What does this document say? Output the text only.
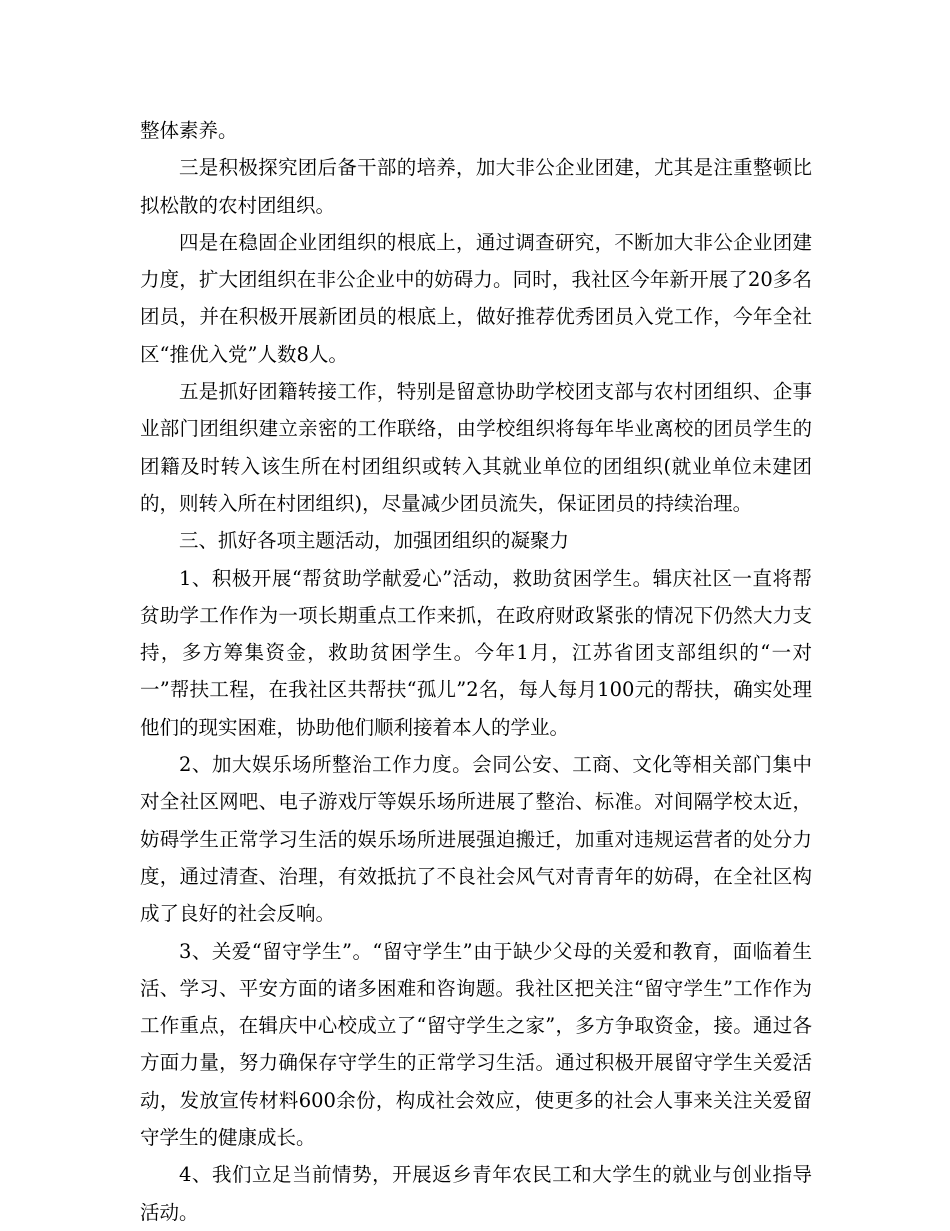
整体素养。

三是积极探究团后备干部的培养，加大非公企业团建，尤其是注重整顿比拟松散的农村团组织。

四是在稳固企业团组织的根底上，通过调查研究，不断加大非公企业团建力度，扩大团组织在非公企业中的妨碍力。同时，我社区今年新开展了20多名团员，并在积极开展新团员的根底上，做好推荐优秀团员入党工作，今年全社区“推优入党”人数8人。

五是抓好团籍转接工作，特别是留意协助学校团支部与农村团组织、企事业部门团组织建立亲密的工作联络，由学校组织将每年毕业离校的团员学生的团籍及时转入该生所在村团组织或转入其就业单位的团组织(就业单位未建团的，则转入所在村团组织)，尽量减少团员流失，保证团员的持续治理。

三、抓好各项主题活动，加强团组织的凝聚力

1、积极开展“帮贫助学献爱心”活动，救助贫困学生。辑庆社区一直将帮贫助学工作作为一项长期重点工作来抓，在政府财政紧张的情况下仍然大力支持，多方筹集资金，救助贫困学生。今年1月，江苏省团支部组织的“一对一”帮扶工程，在我社区共帮扶“孤儿”2名，每人每月100元的帮扶，确实处理他们的现实困难，协助他们顺利接着本人的学业。

2、加大娱乐场所整治工作力度。会同公安、工商、文化等相关部门集中对全社区网吧、电子游戏厅等娱乐场所进展了整治、标准。对间隔学校太近，妨碍学生正常学习生活的娱乐场所进展强迫搬迁，加重对违规运营者的处分力度，通过清查、治理，有效抵抗了不良社会风气对青青年的妨碍，在全社区构成了良好的社会反响。

3、关爱“留守学生”。“留守学生”由于缺少父母的关爱和教育，面临着生活、学习、平安方面的诸多困难和咨询题。我社区把关注“留守学生”工作作为工作重点，在辑庆中心校成立了“留守学生之家”，多方争取资金，接。通过各方面力量，努力确保存守学生的正常学习生活。通过积极开展留守学生关爱活动，发放宣传材料600余份，构成社会效应，使更多的社会人事来关注关爱留守学生的健康成长。

4、我们立足当前情势，开展返乡青年农民工和大学生的就业与创业指导活动。
